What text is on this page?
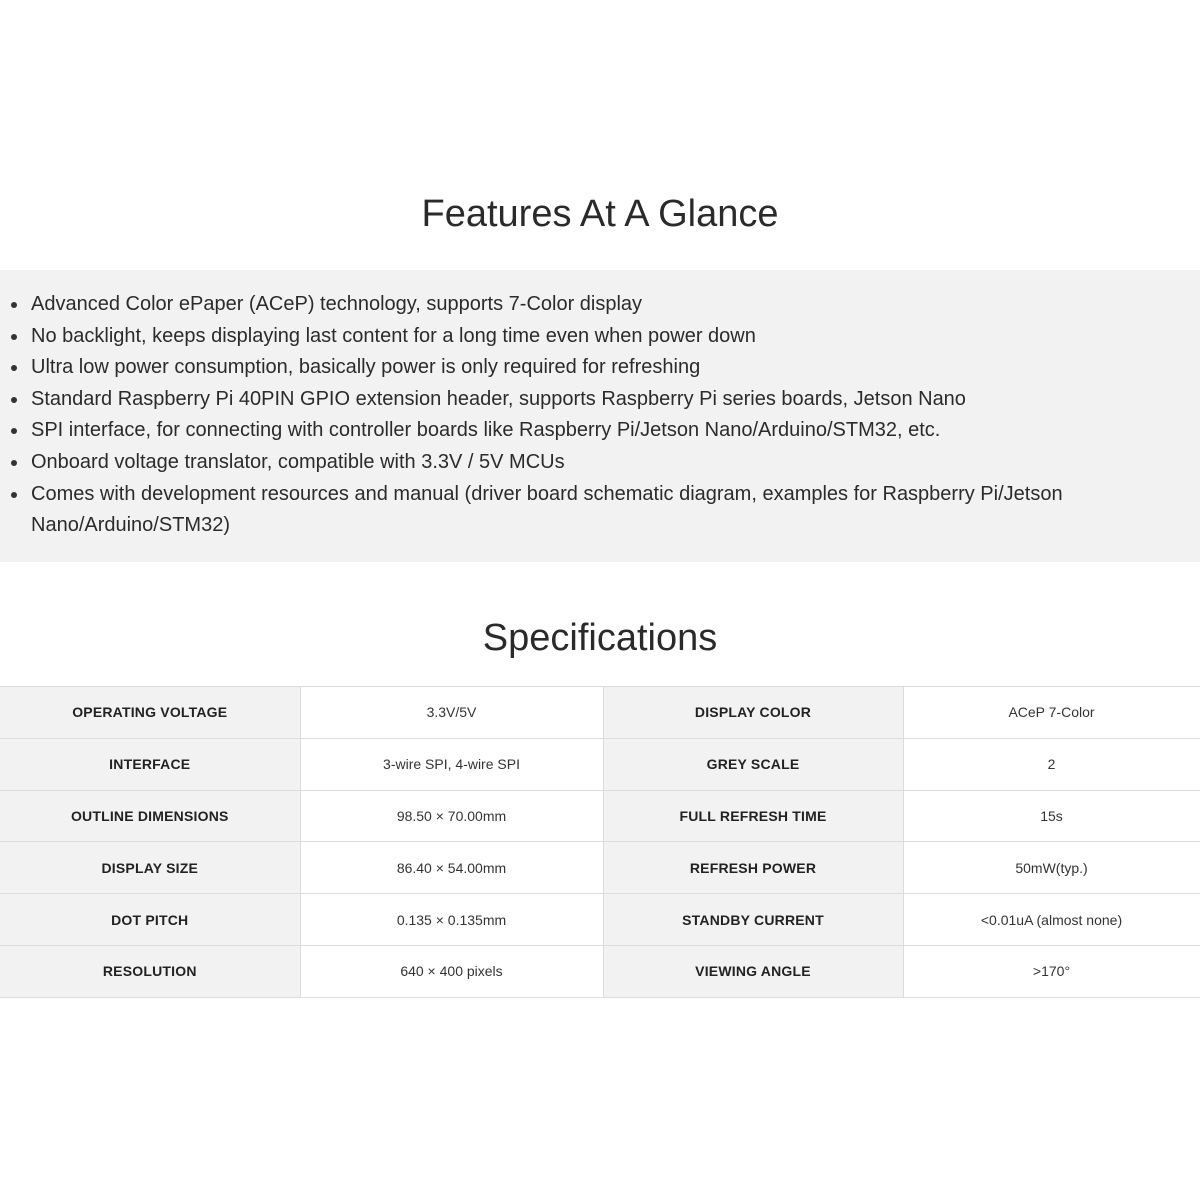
Features At A Glance
Advanced Color ePaper (ACeP) technology, supports 7-Color display
No backlight, keeps displaying last content for a long time even when power down
Ultra low power consumption, basically power is only required for refreshing
Standard Raspberry Pi 40PIN GPIO extension header, supports Raspberry Pi series boards, Jetson Nano
SPI interface, for connecting with controller boards like Raspberry Pi/Jetson Nano/Arduino/STM32, etc.
Onboard voltage translator, compatible with 3.3V / 5V MCUs
Comes with development resources and manual (driver board schematic diagram, examples for Raspberry Pi/Jetson Nano/Arduino/STM32)
Specifications
OPERATING VOLTAGE	3.3V/5V	DISPLAY COLOR	ACeP 7-Color
INTERFACE	3-wire SPI, 4-wire SPI	GREY SCALE	2
OUTLINE DIMENSIONS	98.50 × 70.00mm	FULL REFRESH TIME	15s
DISPLAY SIZE	86.40 × 54.00mm	REFRESH POWER	50mW(typ.)
DOT PITCH	0.135 × 0.135mm	STANDBY CURRENT	<0.01uA (almost none)
RESOLUTION	640 × 400 pixels	VIEWING ANGLE	>170°
